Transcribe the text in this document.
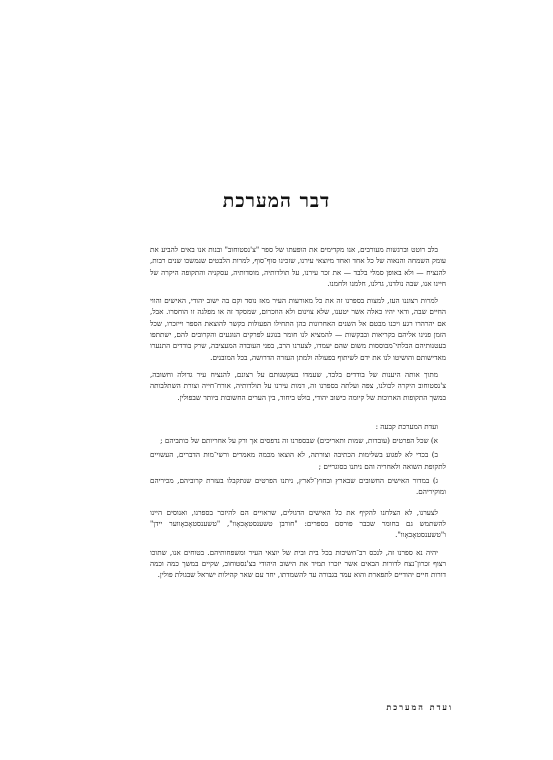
דבר המערכת

בלב רוטט וברגשות מעורבים, אנו מקדימים את הופעתו של ספר "צ'נסטוחוב" ובנות אנו באים להביע את עומק השמחה והנאוה של כל אחד ואחד מיוצאי עירנו, שזכינו סוף־סוף, למרות הלבטים שנמשכו שנים רבות, להנציח — ולא באופן סמלי בלבד — את זכר עירנו, על תולדותיה, מוסדותיה, עסקניה והתקופה היקרה של חיינו אנו, שבה נולדנו, גדלנו, חלמנו ולחמנו.

למרות רצוננו העז, למצות בספרנו זה את כל מאורעות העיר מאז נוסד וקם בה ישוב יהודי, האישים והווי החיים שבה, ודאי יהיו כאלה אשר יטענו, שלא צוינום ולא הוזכרום, שמסקד זה או מפלגה זו הוחסרו. אבל, אם יהרהרו רגע ויכנו מבטם אל השנים האחרונות בהן התחילו הפעולות בקשר להוצאת הספר וייזכרו, שכל הזמן פנינו אליהם בקריאות ובבקשות — להמציא לנו חומר בנוגע לפרקים הנוגעים והקרובים להם, ישתתפו בעטנותיהם הבלתי־מבוססות משום שהם יעמדו, לצערנו הרב, בפני העובדה המעציבה, שרק בודדים התנערו מאדישותם והושיטו לנו את ידם לשיתוף בפעולה ולמתן העזרה הדרושה, בכל המובנים.

מתוך אותה היענות של בודדים בלבד, שעמדו בעקשנותם על רצונם, להנציח עיר גדולה וחשובה, צ'נסטוחוב היקרה לכולנו, צפה ועלתה בספרנו זה, דמות עירנו על תולדותיה, אורח־חייה וצורת השתלבותה במשך התקופות הארוכות של קיומה כישוב יהודי, בולט ביחוד, בין הערים החשובות ביותר שבפולין.

ועדת המערכת קבעה :

א) שכל הפרטים (עובדות, שמות ותאריכים) שבספרנו זה נדפסים אך ורק על אחריותם של כותביהם ;

ב) בכדי לא לפגוע בשלימות הכתיבה וצורתה, לא הוצאו מכמה מאמרים ורשי־מות הדברים, העשויים לתקופת השואה ולאחריה והם ניתנו בסוגריים ;

ג) במדור האישים החשובים שבארץ ובחוץ־לארץ, ניתנו הפרטים שנתקבלו בעזרת קרוביהם, מכיריהם ומוקיריהם.

לצערנו, לא הצלחנו להקיף את כל האישים הדגולים, שראויים הם להיזכר בספרנו, ואנוסים היינו להשתמש גם בחומר שכבר פורסם בספרים: "חורבן טשענסטאָכאָוו", "טשענסטאָכאָווער יידן" ו"טשענסטאָכאָוו".

יהיה נא ספרנו זה, לנכס רב־חשיבות בכל בית ובית של יוצאי העיר ומשפחותיהם. בטוחים אנו, שתוכו רצוף זכרון־נצח לדורות הבאים אשר יזכרו תמיד את הישוב היהודי בצ'נסטוחוב, שקיים במשך כמה וכמה דורות חיים יהודיים לתפארת והוא עמד בגבורה עד להשמדתו, יחד עם שאר קהילות ישראל שבגולת פולין.

ועדת המערכת
